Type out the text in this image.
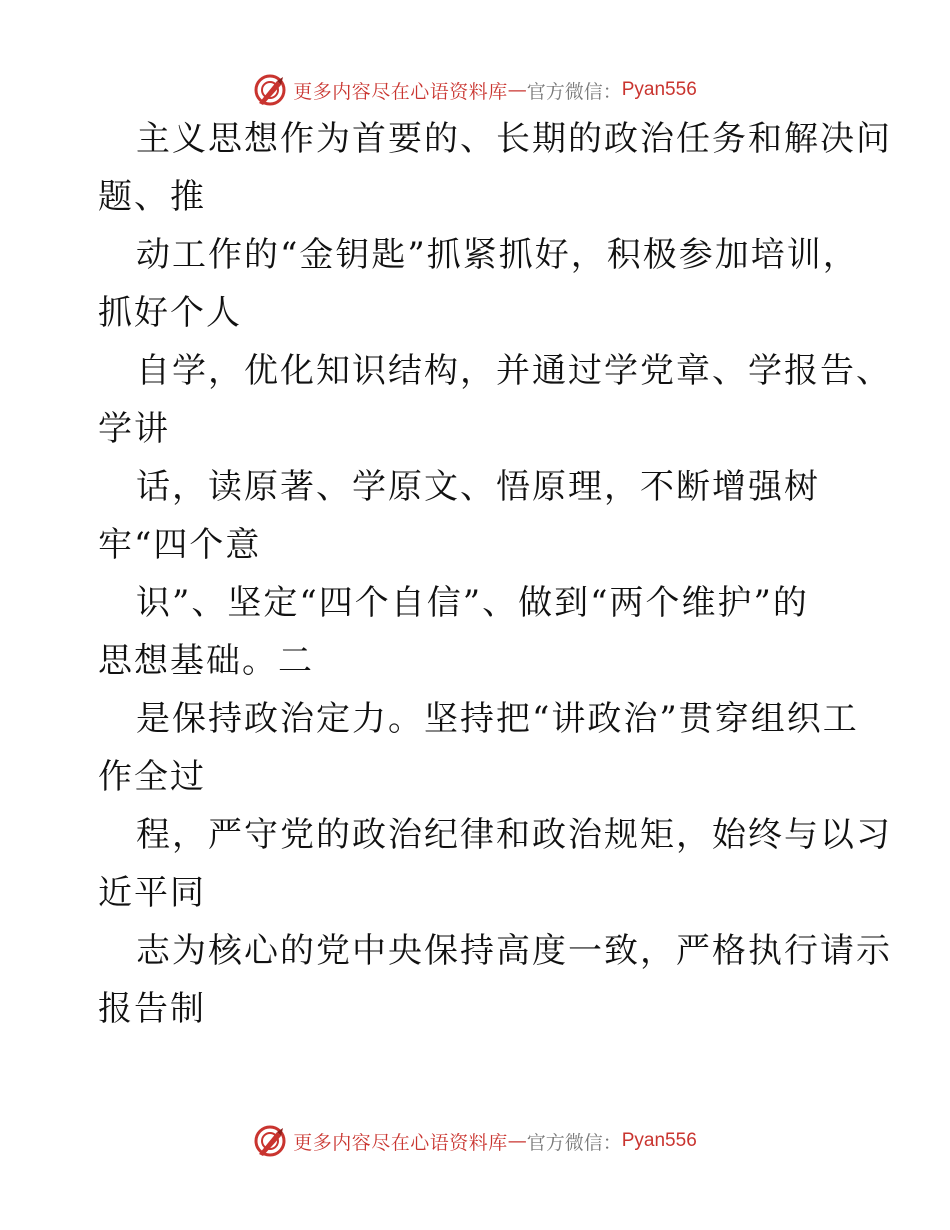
更多内容尽在心语资料库 — 官方微信： Pyan556
主义思想作为首要的、长期的政治任务和解决问
题、推
动工作的“金钥匙”抓紧抓好，积极参加培训，
抓好个人
自学，优化知识结构，并通过学党章、学报告、
学讲
话，读原著、学原文、悟原理，不断增强树
牢“四个意
识”、坚定“四个自信”、做到“两个维护”的
思想基础。二
是保持政治定力。坚持把“讲政治”贯穿组织工
作全过
程，严守党的政治纪律和政治规矩，始终与以习
近平同
志为核心的党中央保持高度一致，严格执行请示
报告制
更多内容尽在心语资料库 — 官方微信： Pyan556
